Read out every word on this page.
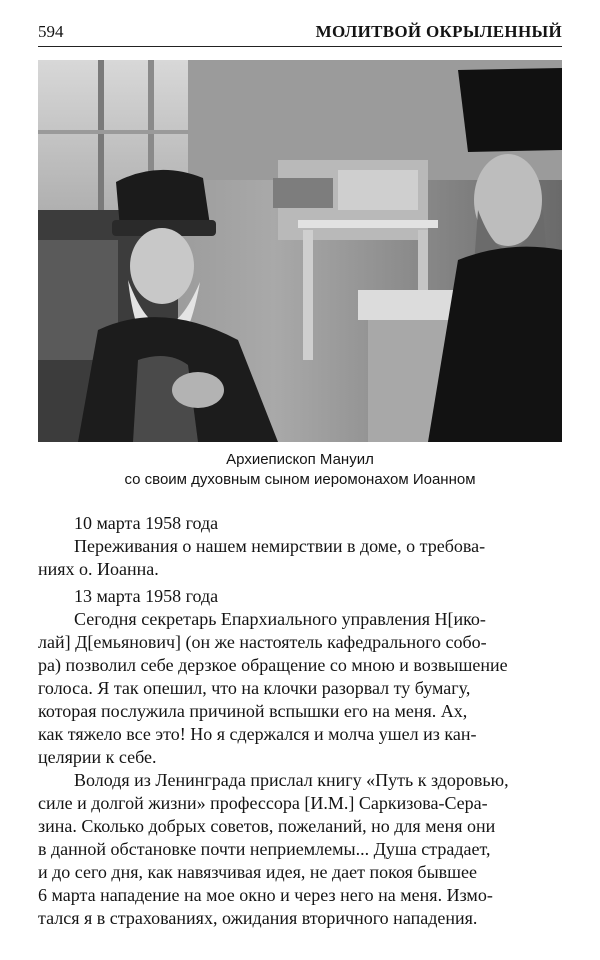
594	МОЛИТВОЙ ОКРЫЛЕННЫЙ
Архиепископ Мануил
со своим духовным сыном иеромонахом Иоанном

10 марта 1958 года

Переживания о нашем немирствии в доме, о требова-
ниях о. Иоанна.

13 марта 1958 года

Сегодня секретарь Епархиального управления Н[ико-
лай] Д[емьянович] (он же настоятель кафедрального собо-
ра) позволил себе дерзкое обращение со мною и возвышение
голоса. Я так опешил, что на клочки разорвал ту бумагу,
которая послужила причиной вспышки его на меня. Ах,
как тяжело все это! Но я сдержался и молча ушел из кан-
целярии к себе.

Володя из Ленинграда прислал книгу «Путь к здоровью,
силе и долгой жизни» профессора [И.М.] Саркизова-Сера-
зина. Сколько добрых советов, пожеланий, но для меня они
в данной обстановке почти неприемлемы... Душа страдает,
и до сего дня, как навязчивая идея, не дает покоя бывшее
6 марта нападение на мое окно и через него на меня. Измо-
тался я в страхованиях, ожидания вторичного нападения.
